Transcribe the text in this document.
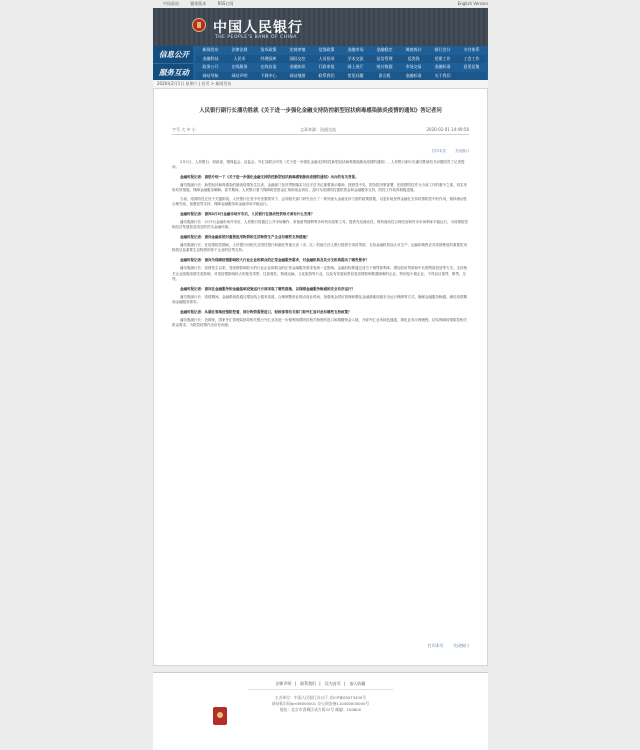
中国政府	繁体版本	RSS订阅	English Version
中国人民银行
THE PEOPLE'S BANK OF CHINA
信息公开
服务互动
新闻发布	法律法规	货币政策	宏观审慎	信贷政策	金融市场	金融稳定	调查统计	银行会计	支付体系
金融科技	人民币	经理国库	国际交往	人员招录	学术交流	征信管理	反洗钱	党建工作	工会工作
政务公开	在线服务	在线访谈	金融知识	行政审批	网上展厅	统计数据	市场交易	金融标准	意见征集
网站导航	网站声明	下载中心	网站地图	联系我们	常见问题	留言板	金融标准	关于我们
2020年2月1日 星期六 | 首页 > 新闻发布
人民银行副行长潘功胜就《关于进一步强化金融支持防控新型冠状病毒感染肺炎疫情的通知》答记者问
字号 大 中 小	文章来源：沟通交流	2020-02-01 14:49:56

打印本页	关闭窗口

2月1日，人民银行、财政部、银保监会、证监会、外汇局联合印发《关于进一步强化金融支持防控新型冠状病毒感染肺炎疫情的通知》，人民银行副行长潘功胜就有关问题回答了记者提问。

金融时报记者：请您介绍一下《关于进一步强化金融支持防控新型冠状病毒感染肺炎疫情的通知》出台的有关背景。

潘功胜副行长：新型冠状病毒感染的肺炎疫情发生以来，金融部门坚决贯彻落实习近平总书记重要指示精神，按照党中央、国务院决策部署，把疫情防控作为当前工作的重中之重，切实采取有效措施，保障金融服务顺畅。春节期间，人民银行着力保障防控资金汇划和现金供应，及时为疫情防控提供资金和金融服务支持，防控工作取得积极进展。

当前，疫情防控正处于关键阶段。人民银行在党中央坚强领导下，会同相关部门研究出台了一系列加大金融支持力度的政策措施，以更好地发挥金融在支持疫情防控中的作用，保持流动性合理充裕，加强信贷支持，保障金融服务和金融市场平稳运行。

金融时报记者：请问2月3日金融市场开市后，人民银行在流动性供给方面有什么安排？

潘功胜副行长：2月3日金融市场开市后，人民银行将通过公开市场操作、常备借贷便利等多种货币政策工具，提供充足流动性，保持流动性合理充裕和货币市场利率平稳运行，为疫情防控和经济发展营造适宜的货币金融环境。

金融时报记者：请问金融系统对重要医用物资和生活物资生产企业有哪些支持措施？

潘功胜副行长：在疫情防控期间，人民银行向相关全国性银行和湖北等重点省（市、区）的地方法人银行提供专项再贷款，支持金融机构加大对生产、运输和销售应对疫情使用的重要医用物资以及重要生活物资的骨干企业的信贷支持。

金融时报记者：请问为保障疫情影响较大行业企业和群众的正常金融服务需求，对金融机构及其分支机构提出了哪些要求？

潘功胜副行长：疫情发生以来，受疫情影响较大的行业企业和群众的正常金融服务需求受到一定影响。金融机构要通过适当下调贷款利率、增加信用贷款和中长期贷款投放等方式，支持相关企业战胜疫情灾害影响，对受疫情影响较大的批发零售、住宿餐饮、物流运输、文化旅游等行业，以及有发展前景但受疫情影响暂遇困难的企业，特别是小微企业，不得盲目抽贷、断贷、压贷。

金融时报记者：请问在金融服务和金融基础设施运行方面采取了哪些措施，以保障金融服务畅通和安全有序运行？

潘功胜副行长：疫情期间，金融系统将通过增加线上服务渠道、合理调整营业网点营业时间、加强现金供应管理和强化金融基础设施安全运行保障等方式，确保金融服务畅通，满足疫情期间金融服务需求。

金融时报记者：从湖北等地疫情防控看，部分物资需要进口，财政部等有关部门和外汇局对此有哪些支持政策？

潘功胜副行长：近期来，国家外汇管理局指导相关银行外汇业务进一步便利疫情防控相关物资的进口和捐赠资金入境，开辟外汇业务绿色通道，简化业务办理流程，切实保障疫情防控相关资金需求，为防控疫情作出应有贡献。

打印本页 关闭窗口
法律声明 | 联系我们 | 设为首页 | 加入收藏
主办单位：中国人民银行办公厅 京ICP备05073439号
网站标识码bm36000001 京公网安备110400000000号
地址：北京市西城区成方街32号 邮编：100800
